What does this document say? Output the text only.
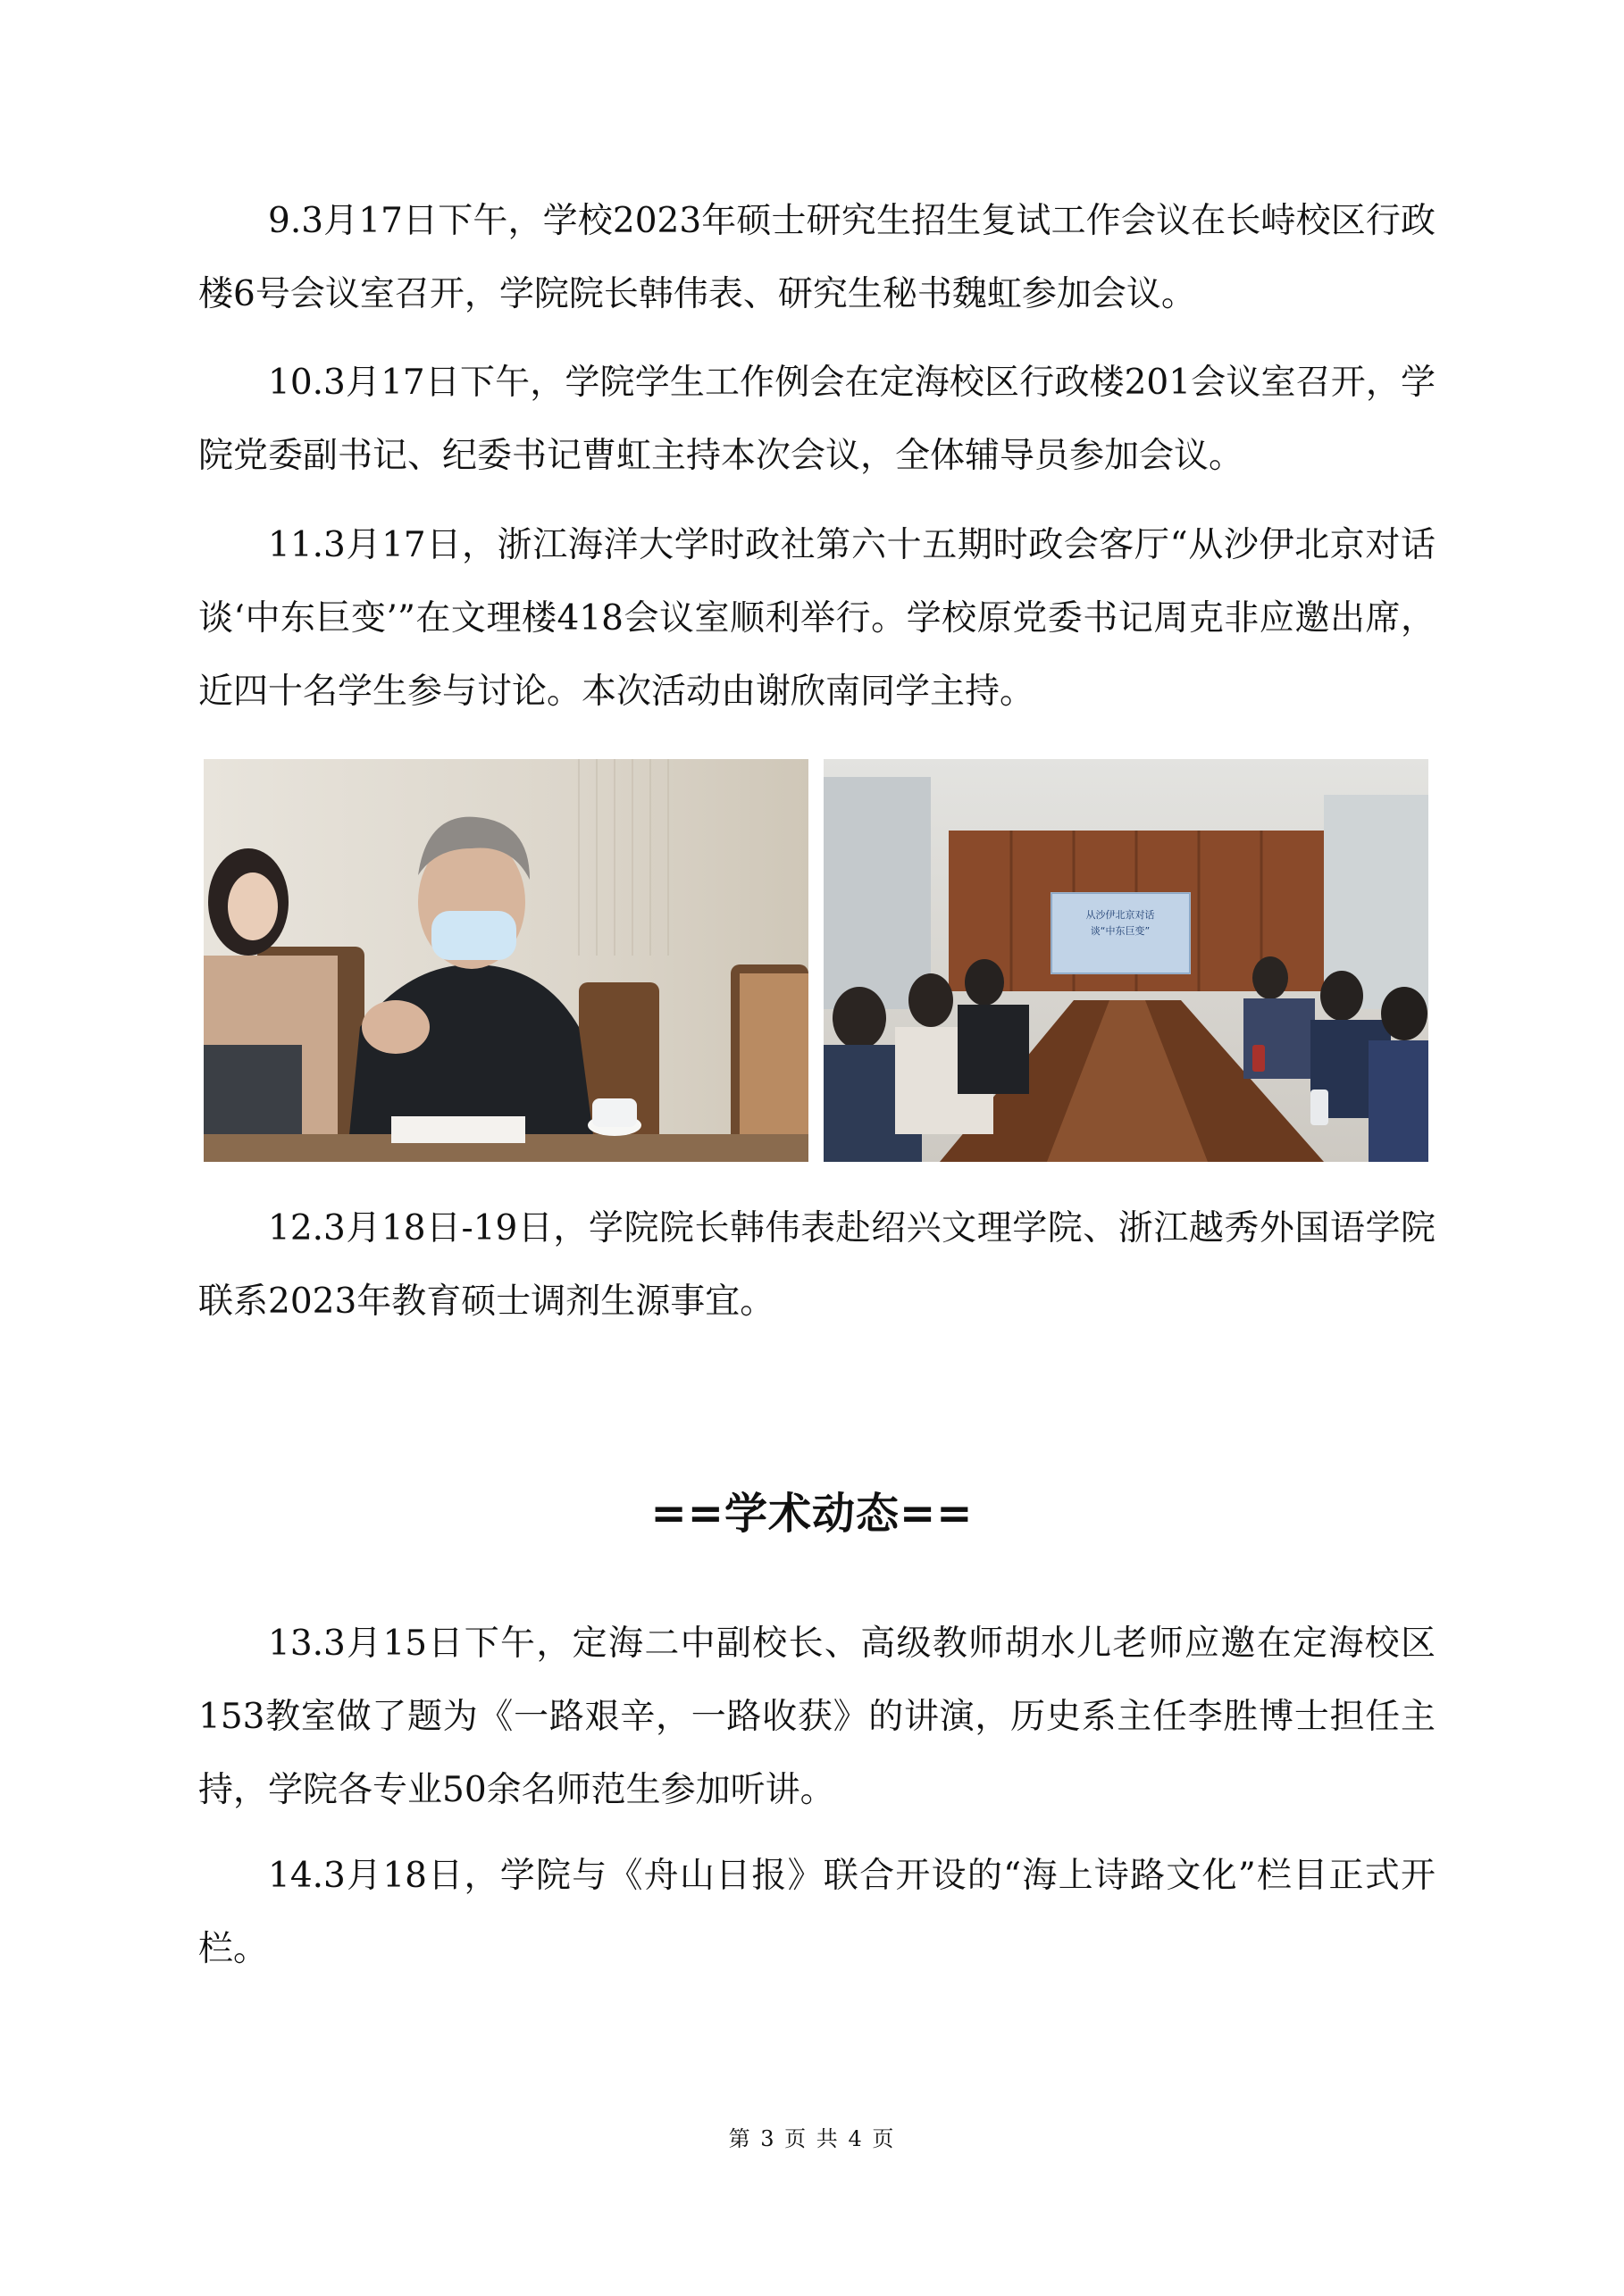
9.3月17日下午，学校2023年硕士研究生招生复试工作会议在长峙校区行政楼6号会议室召开，学院院长韩伟表、研究生秘书魏虹参加会议。

10.3月17日下午，学院学生工作例会在定海校区行政楼201会议室召开，学院党委副书记、纪委书记曹虹主持本次会议，全体辅导员参加会议。

11.3月17日，浙江海洋大学时政社第六十五期时政会客厅“从沙伊北京对话谈‘中东巨变’”在文理楼418会议室顺利举行。学校原党委书记周克非应邀出席，近四十名学生参与讨论。本次活动由谢欣南同学主持。

从沙伊北京对话
谈“中东巨变”

12.3月18日-19日，学院院长韩伟表赴绍兴文理学院、浙江越秀外国语学院联系2023年教育硕士调剂生源事宜。

==学术动态==

13.3月15日下午，定海二中副校长、高级教师胡水儿老师应邀在定海校区153教室做了题为《一路艰辛，一路收获》的讲演，历史系主任李胜博士担任主持，学院各专业50余名师范生参加听讲。

14.3月18日，学院与《舟山日报》联合开设的“海上诗路文化”栏目正式开栏。

第 3 页 共 4 页
